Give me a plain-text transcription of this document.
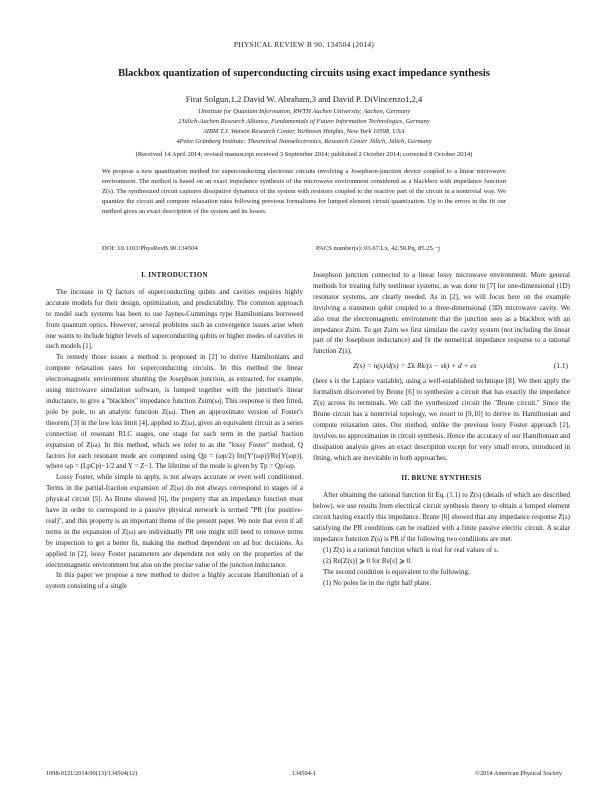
PHYSICAL REVIEW B 90, 134504 (2014)
Blackbox quantization of superconducting circuits using exact impedance synthesis
Firat Solgun,1,2 David W. Abraham,3 and David P. DiVincenzo1,2,4
1Institute for Quantum Information, RWTH Aachen University, Aachen, Germany
2Jülich-Aachen Research Alliance, Fundamentals of Future Information Technologies, Germany
3IBM T.J. Watson Research Center, Yorktown Heights, New York 10598, USA
4Peter Grünberg Institute: Theoretical Nanoelectronics, Research Center Jülich, Jülich, Germany
(Received 14 April 2014; revised manuscript received 3 September 2014; published 2 October 2014; corrected 8 October 2014)
We propose a new quantization method for superconducting electronic circuits involving a Josephson-junction device coupled to a linear microwave environment. The method is based on an exact impedance synthesis of the microwave environment considered as a blackbox with impedance function Z(s). The synthesized circuit captures dissipative dynamics of the system with resistors coupled to the reactive part of the circuit in a nontrivial way. We quantize the circuit and compute relaxation rates following previous formalisms for lumped element circuit quantization. Up to the errors in the fit our method gives an exact description of the system and its losses.
DOI: 10.1103/PhysRevB.90.134504	PACS number(s): 03.67.Lx, 42.50.Pq, 85.25.−j
I. INTRODUCTION

The increase in Q factors of superconducting qubits and cavities requires highly accurate models for their design, optimization, and predictability. The common approach to model such systems has been to use Jaynes-Cummings type Hamiltonians borrowed from quantum optics. However, several problems such as convergence issues arise when one wants to include higher levels of superconducting qubits or higher modes of cavities in such models [1].

To remedy those issues a method is proposed in [2] to derive Hamiltonians and compute relaxation rates for superconducting circuits. In this method the linear electromagnetic environment shunting the Josephson junction, as extracted, for example, using microwave simulation software, is lumped together with the junction's linear inductance, to give a "blackbox" impedance function Zsim(ω). This response is then fitted, pole by pole, to an analytic function Z(ω). Then an approximate version of Foster's theorem [3] in the low loss limit [4], applied to Z(ω), gives an equivalent circuit as a series connection of resonant RLC stages, one stage for each term in the partial fraction expansion of Z(ω). In this method, which we refer to as the "lossy Foster" method, Q factors for each resonant mode are computed using Qp = (ωp/2) Im[Y′(ωp)]/Re[Y(ωp)], where ωp = (LpCp)−1/2 and Y = Z−1. The lifetime of the mode is given by Tp = Qp/ωp.

Lossy Foster, while simple to apply, is not always accurate or even well conditioned. Terms in the partial-fraction expansion of Z(ω) do not always correspond to stages of a physical circuit [5]. As Brune showed [6], the property that an impedance function must have in order to correspond to a passive physical network is termed "PR (for positive-real)", and this property is an important theme of the present paper. We note that even if all terms in the expansion of Z(ω) are individually PR one might still need to remove terms by inspection to get a better fit, making the method dependent on ad hoc decisions. As applied in [2], lossy Foster parameters are dependent not only on the properties of the electromagnetic environment but also on the precise value of the junction inductance.

In this paper we propose a new method to derive a highly accurate Hamiltonian of a system consisting of a single

Josephson junction connected to a linear lossy microwave environment. More general methods for treating fully nonlinear systems, as was done in [7] for one-dimensional (1D) resonator systems, are clearly needed. As in [2], we will focus here on the example involving a transmon qubit coupled to a three-dimensional (3D) microwave cavity. We also treat the electromagnetic environment that the junction sees as a blackbox with an impedance Zsim. To get Zsim we first simulate the cavity system (not including the linear part of the Josephson inductance) and fit the numerical impedance response to a rational function Z(s),

Z(s) = n(s)/d(s) = Σk Rk/(s − sk) + d + es	(1.1)

(here s is the Laplace variable), using a well-established technique [8]. We then apply the formalism discovered by Brune [6] to synthesize a circuit that has exactly the impedance Z(s) across its terminals. We call the synthesized circuit the "Brune circuit." Since the Brune circuit has a nontrivial topology, we resort to [9,10] to derive its Hamiltonian and compute relaxation rates. Our method, unlike the previous lossy Foster approach [2], involves no approximation in circuit synthesis. Hence the accuracy of our Hamiltonian and dissipation analysis gives an exact description except for very small errors, introduced in fitting, which are inevitable in both approaches.

II. BRUNE SYNTHESIS

After obtaining the rational function fit Eq. (1.1) to Z(s) (details of which are described below), we use results from electrical circuit synthesis theory to obtain a lumped element circuit having exactly this impedance. Brune [6] showed that any impedance response Z(s) satisfying the PR conditions can be realized with a finite passive electric circuit. A scalar impedance function Z(s) is PR if the following two conditions are met.

(1) Z(s) is a rational function which is real for real values of s.

(2) Re[Z(s)] ⩾ 0 for Re[s] ⩾ 0.

The second condition is equivalent to the following.

(1) No poles lie in the right half plane.

1098-0121/2014/90(13)/134504(12)	134504-1	©2014 American Physical Society
